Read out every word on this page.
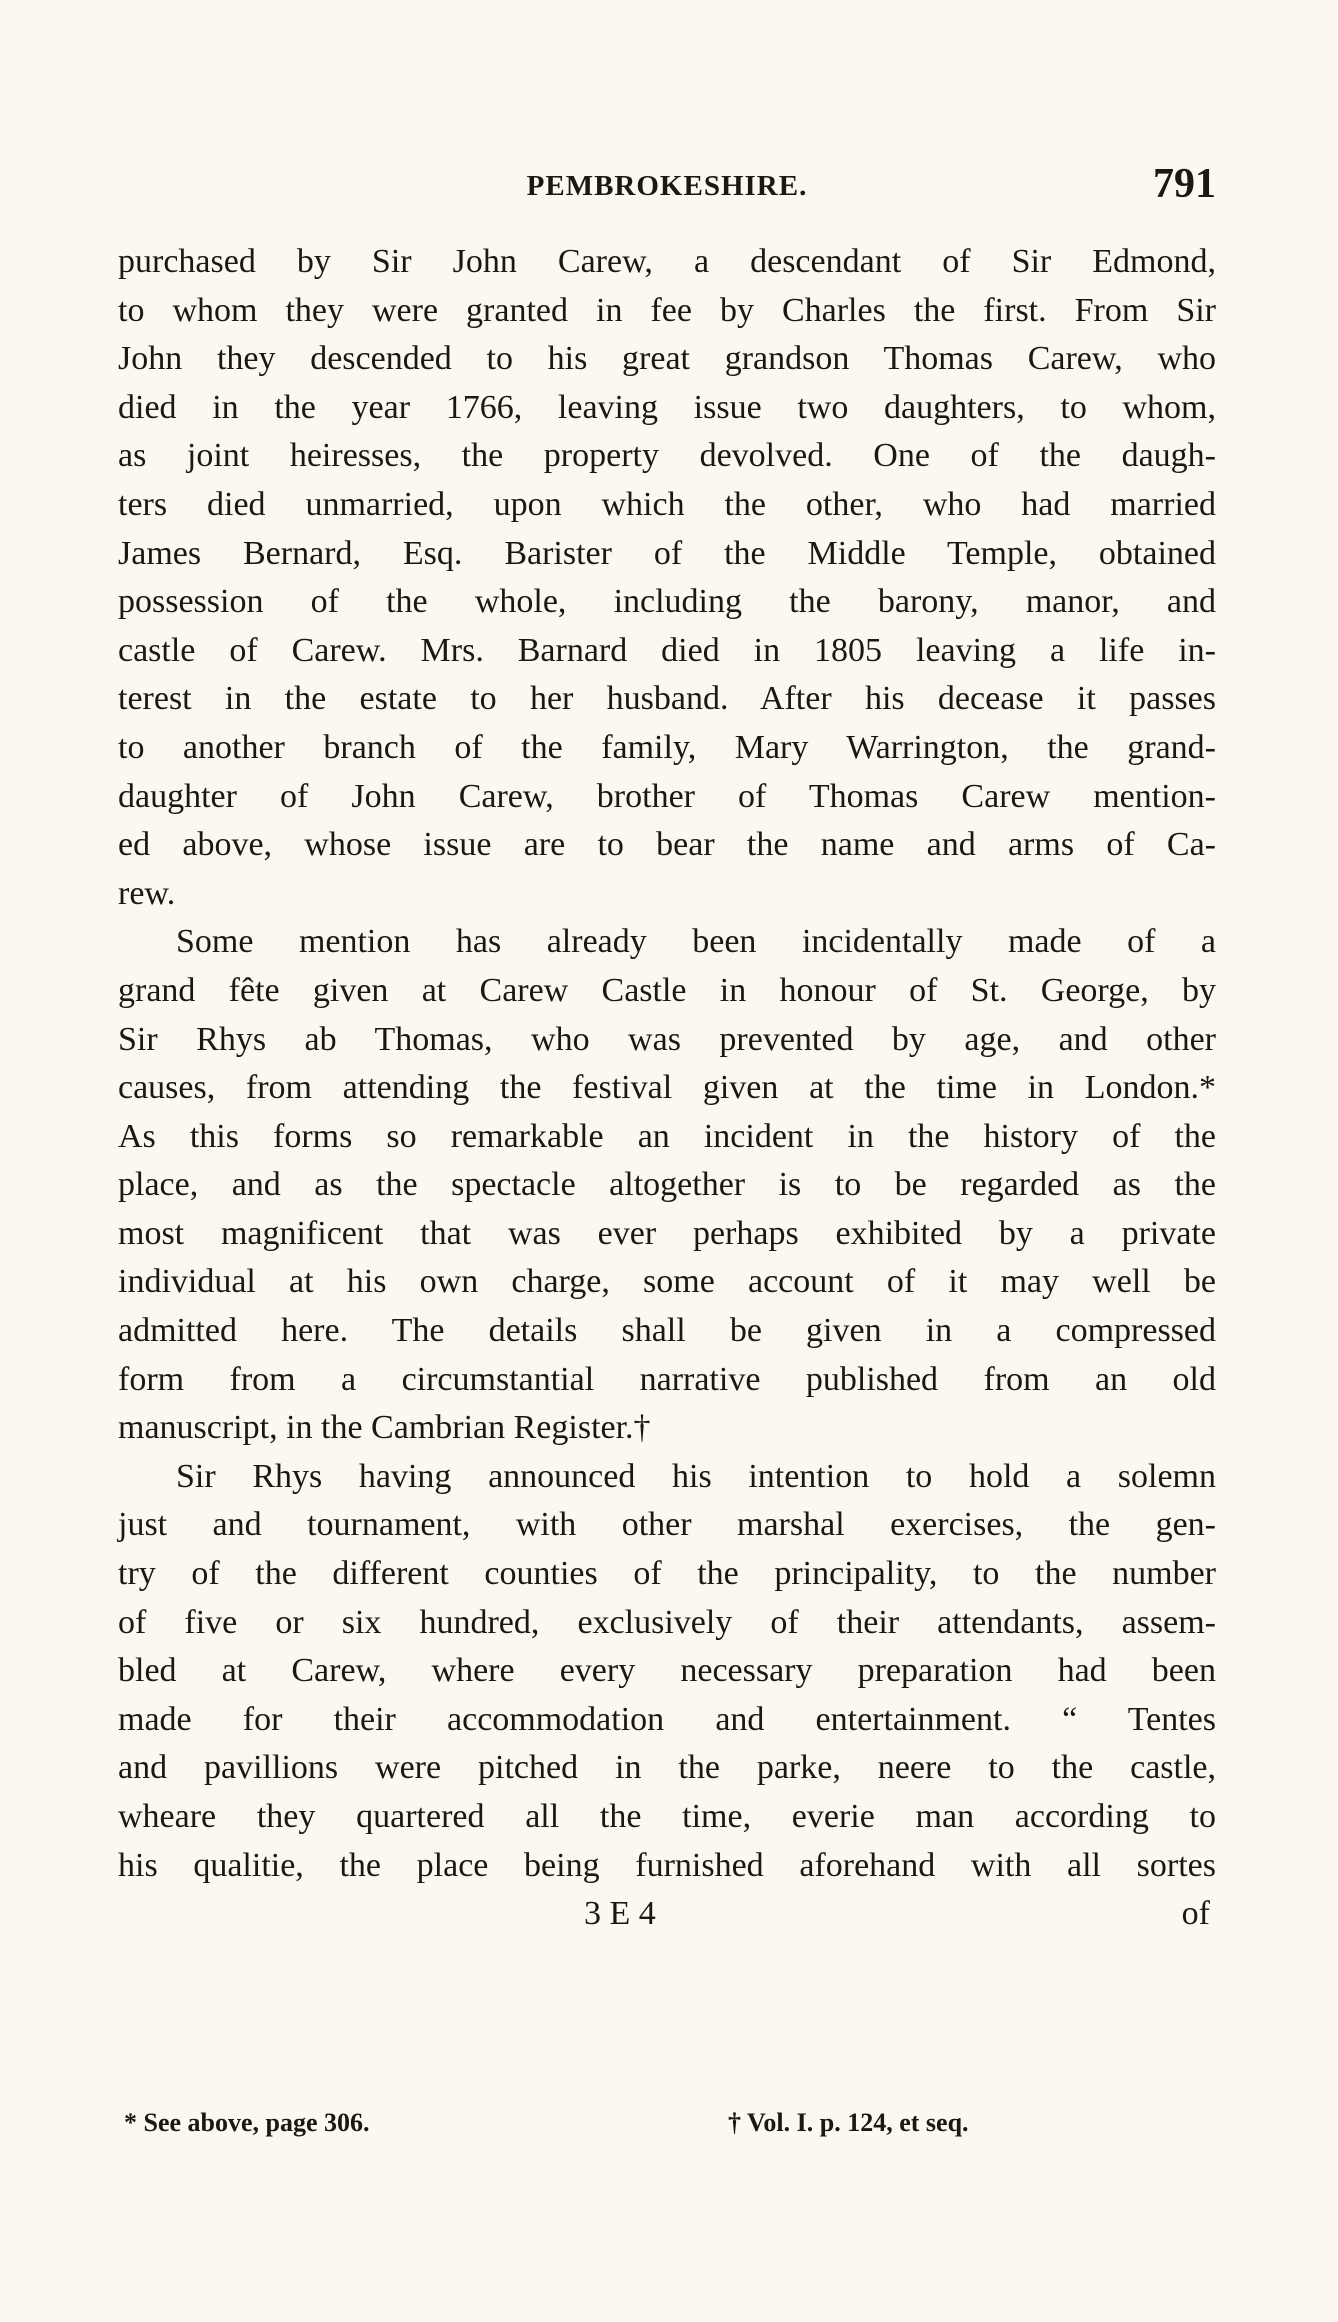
PEMBROKESHIRE.	791
purchased by Sir John Carew, a descendant of Sir Edmond,
to whom they were granted in fee by Charles the first. From Sir
John they descended to his great grandson Thomas Carew, who
died in the year 1766, leaving issue two daughters, to whom,
as joint heiresses, the property devolved. One of the daugh-
ters died unmarried, upon which the other, who had married
James Bernard, Esq. Barister of the Middle Temple, obtained
possession of the whole, including the barony, manor, and
castle of Carew. Mrs. Barnard died in 1805 leaving a life in-
terest in the estate to her husband. After his decease it passes
to another branch of the family, Mary Warrington, the grand-
daughter of John Carew, brother of Thomas Carew mention-
ed above, whose issue are to bear the name and arms of Ca-
rew.
Some mention has already been incidentally made of a
grand fête given at Carew Castle in honour of St. George, by
Sir Rhys ab Thomas, who was prevented by age, and other
causes, from attending the festival given at the time in London.*
As this forms so remarkable an incident in the history of the
place, and as the spectacle altogether is to be regarded as the
most magnificent that was ever perhaps exhibited by a private
individual at his own charge, some account of it may well be
admitted here. The details shall be given in a compressed
form from a circumstantial narrative published from an old
manuscript, in the Cambrian Register.†
Sir Rhys having announced his intention to hold a solemn
just and tournament, with other marshal exercises, the gen-
try of the different counties of the principality, to the number
of five or six hundred, exclusively of their attendants, assem-
bled at Carew, where every necessary preparation had been
made for their accommodation and entertainment. “ Tentes
and pavillions were pitched in the parke, neere to the castle,
wheare they quartered all the time, everie man according to
his qualitie, the place being furnished aforehand with all sortes
3 E 4	of
* See above, page 306.	† Vol. I. p. 124, et seq.
